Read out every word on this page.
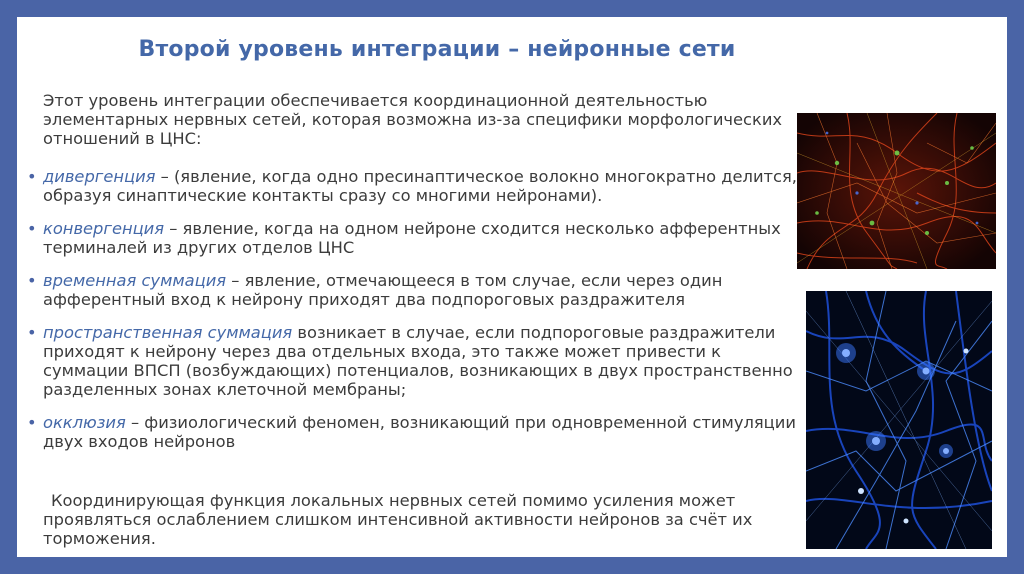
Второй уровень интеграции – нейронные сети
Этот уровень интеграции обеспечивается координационной деятельностью элементарных нервных сетей, которая возможна из-за специфики морфологических отношений в ЦНС:
• дивергенция – (явление, когда одно пресинаптическое волокно многократно делится, образуя синаптические контакты сразу со многими нейронами).
• конвергенция – явление, когда на одном нейроне сходится несколько афферентных терминалей из других отделов ЦНС
• временная суммация – явление, отмечающееся в том случае, если через один афферентный вход к нейрону приходят два подпороговых раздражителя
• пространственная суммация возникает в случае, если подпороговые раздражители приходят к нейрону через два отдельных входа, это также может привести к суммации ВПСП (возбуждающих) потенциалов, возникающих в двух пространственно разделенных зонах клеточной мембраны;
• окклюзия – физиологический феномен, возникающий при одновременной стимуляции двух входов нейронов
Координирующая функция локальных нервных сетей помимо усиления может проявляться ослаблением слишком интенсивной активности нейронов за счёт их торможения.
